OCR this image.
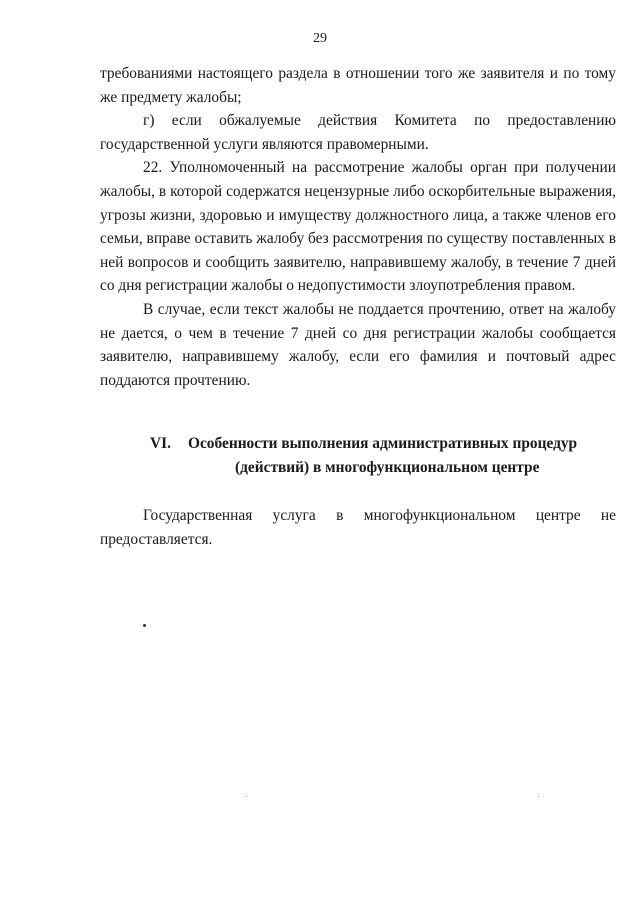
29

требованиями настоящего раздела в отношении того же заявителя и по тому же предмету жалобы;

г) если обжалуемые действия Комитета по предоставлению государственной услуги являются правомерными.

22. Уполномоченный на рассмотрение жалобы орган при получении жалобы, в которой содержатся нецензурные либо оскорбительные выражения, угрозы жизни, здоровью и имуществу должностного лица, а также членов его семьи, вправе оставить жалобу без рассмотрения по существу поставленных в ней вопросов и сообщить заявителю, направившему жалобу, в течение 7 дней со дня регистрации жалобы о недопустимости злоупотребления правом.

В случае, если текст жалобы не поддается прочтению, ответ на жалобу не дается, о чем в течение 7 дней со дня регистрации жалобы сообщается заявителю, направившему жалобу, если его фамилия и почтовый адрес поддаются прочтению.

VI. Особенности выполнения административных процедур
(действий) в многофункциональном центре

Государственная услуга в многофункциональном центре не предоставляется.
